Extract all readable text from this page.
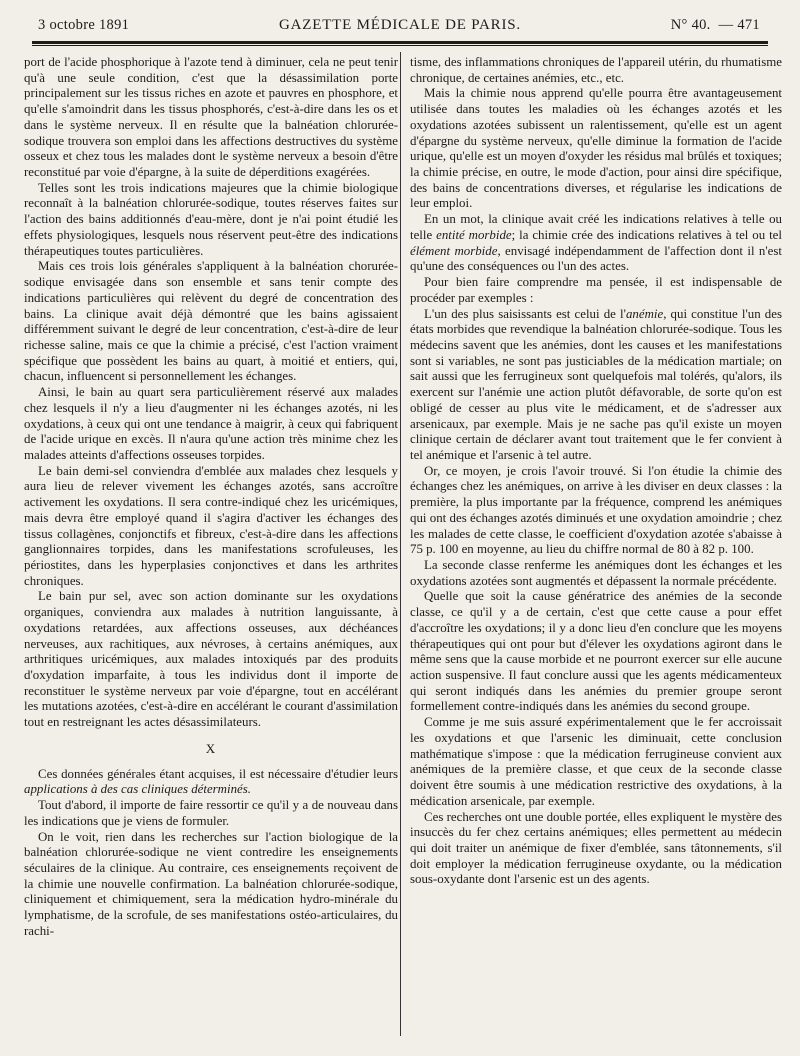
3 octobre 1891	GAZETTE MÉDICALE DE PARIS.	N° 40. — 471

port de l'acide phosphorique à l'azote tend à diminuer, cela ne peut tenir qu'à une seule condition, c'est que la désassimilation porte principalement sur les tissus riches en azote et pauvres en phosphore, et qu'elle s'amoindrit dans les tissus phosphorés, c'est-à-dire dans les os et dans le système nerveux. Il en résulte que la balnéation chlorurée-sodique trouvera son emploi dans les affections destructives du système osseux et chez tous les malades dont le système nerveux a besoin d'être reconstitué par voie d'épargne, à la suite de déperditions exagérées.

Telles sont les trois indications majeures que la chimie biologique reconnaît à la balnéation chlorurée-sodique, toutes réserves faites sur l'action des bains additionnés d'eau-mère, dont je n'ai point étudié les effets physiologiques, lesquels nous réservent peut-être des indications thérapeutiques toutes particulières.

Mais ces trois lois générales s'appliquent à la balnéation chorurée-sodique envisagée dans son ensemble et sans tenir compte des indications particulières qui relèvent du degré de concentration des bains. La clinique avait déjà démontré que les bains agissaient différemment suivant le degré de leur concentration, c'est-à-dire de leur richesse saline, mais ce que la chimie a précisé, c'est l'action vraiment spécifique que possèdent les bains au quart, à moitié et entiers, qui, chacun, influencent si personnellement les échanges.

Ainsi, le bain au quart sera particulièrement réservé aux malades chez lesquels il n'y a lieu d'augmenter ni les échanges azotés, ni les oxydations, à ceux qui ont une tendance à maigrir, à ceux qui fabriquent de l'acide urique en excès. Il n'aura qu'une action très minime chez les malades atteints d'affections osseuses torpides.

Le bain demi-sel conviendra d'emblée aux malades chez lesquels y aura lieu de relever vivement les échanges azotés, sans accroître activement les oxydations. Il sera contre-indiqué chez les uricémiques, mais devra être employé quand il s'agira d'activer les échanges des tissus collagènes, conjonctifs et fibreux, c'est-à-dire dans les affections ganglionnaires torpides, dans les manifestations scrofuleuses, les périostites, dans les hyperplasies conjonctives et dans les arthrites chroniques.

Le bain pur sel, avec son action dominante sur les oxydations organiques, conviendra aux malades à nutrition languissante, à oxydations retardées, aux affections osseuses, aux déchéances nerveuses, aux rachitiques, aux névroses, à certains anémiques, aux arthritiques uricémiques, aux malades intoxiqués par des produits d'oxydation imparfaite, à tous les individus dont il importe de reconstituer le système nerveux par voie d'épargne, tout en accélérant les mutations azotées, c'est-à-dire en accélérant le courant d'assimilation tout en restreignant les actes désassimilateurs.

X

Ces données générales étant acquises, il est nécessaire d'étudier leurs applications à des cas cliniques déterminés.

Tout d'abord, il importe de faire ressortir ce qu'il y a de nouveau dans les indications que je viens de formuler.

On le voit, rien dans les recherches sur l'action biologique de la balnéation chlorurée-sodique ne vient contredire les enseignements séculaires de la clinique. Au contraire, ces enseignements reçoivent de la chimie une nouvelle confirmation. La balnéation chlorurée-sodique, cliniquement et chimiquement, sera la médication hydro-minérale du lymphatisme, de la scrofule, de ses manifestations ostéo-articulaires, du rachi-

tisme, des inflammations chroniques de l'appareil utérin, du rhumatisme chronique, de certaines anémies, etc., etc.

Mais la chimie nous apprend qu'elle pourra être avantageusement utilisée dans toutes les maladies où les échanges azotés et les oxydations azotées subissent un ralentissement, qu'elle est un agent d'épargne du système nerveux, qu'elle diminue la formation de l'acide urique, qu'elle est un moyen d'oxyder les résidus mal brûlés et toxiques; la chimie précise, en outre, le mode d'action, pour ainsi dire spécifique, des bains de concentrations diverses, et régularise les indications de leur emploi.

En un mot, la clinique avait créé les indications relatives à telle ou telle entité morbide; la chimie crée des indications relatives à tel ou tel élément morbide, envisagé indépendamment de l'affection dont il n'est qu'une des conséquences ou l'un des actes.

Pour bien faire comprendre ma pensée, il est indispensable de procéder par exemples :

L'un des plus saisissants est celui de l'anémie, qui constitue l'un des états morbides que revendique la balnéation chlorurée-sodique. Tous les médecins savent que les anémies, dont les causes et les manifestations sont si variables, ne sont pas justiciables de la médication martiale; on sait aussi que les ferrugineux sont quelquefois mal tolérés, qu'alors, ils exercent sur l'anémie une action plutôt défavorable, de sorte qu'on est obligé de cesser au plus vite le médicament, et de s'adresser aux arsenicaux, par exemple. Mais je ne sache pas qu'il existe un moyen clinique certain de déclarer avant tout traitement que le fer convient à tel anémique et l'arsenic à tel autre.

Or, ce moyen, je crois l'avoir trouvé. Si l'on étudie la chimie des échanges chez les anémiques, on arrive à les diviser en deux classes : la première, la plus importante par la fréquence, comprend les anémiques qui ont des échanges azotés diminués et une oxydation amoindrie ; chez les malades de cette classe, le coefficient d'oxydation azotée s'abaisse à 75 p. 100 en moyenne, au lieu du chiffre normal de 80 à 82 p. 100.

La seconde classe renferme les anémiques dont les échanges et les oxydations azotées sont augmentés et dépassent la normale précédente.

Quelle que soit la cause génératrice des anémies de la seconde classe, ce qu'il y a de certain, c'est que cette cause a pour effet d'accroître les oxydations; il y a donc lieu d'en conclure que les moyens thérapeutiques qui ont pour but d'élever les oxydations agiront dans le même sens que la cause morbide et ne pourront exercer sur elle aucune action suspensive. Il faut conclure aussi que les agents médicamenteux qui seront indiqués dans les anémies du premier groupe seront formellement contre-indiqués dans les anémies du second groupe.

Comme je me suis assuré expérimentalement que le fer accroissait les oxydations et que l'arsenic les diminuait, cette conclusion mathématique s'impose : que la médication ferrugineuse convient aux anémiques de la première classe, et que ceux de la seconde classe doivent être soumis à une médication restrictive des oxydations, à la médication arsenicale, par exemple.

Ces recherches ont une double portée, elles expliquent le mystère des insuccès du fer chez certains anémiques; elles permettent au médecin qui doit traiter un anémique de fixer d'emblée, sans tâtonnements, s'il doit employer la médication ferrugineuse oxydante, ou la médication sous-oxydante dont l'arsenic est un des agents.
